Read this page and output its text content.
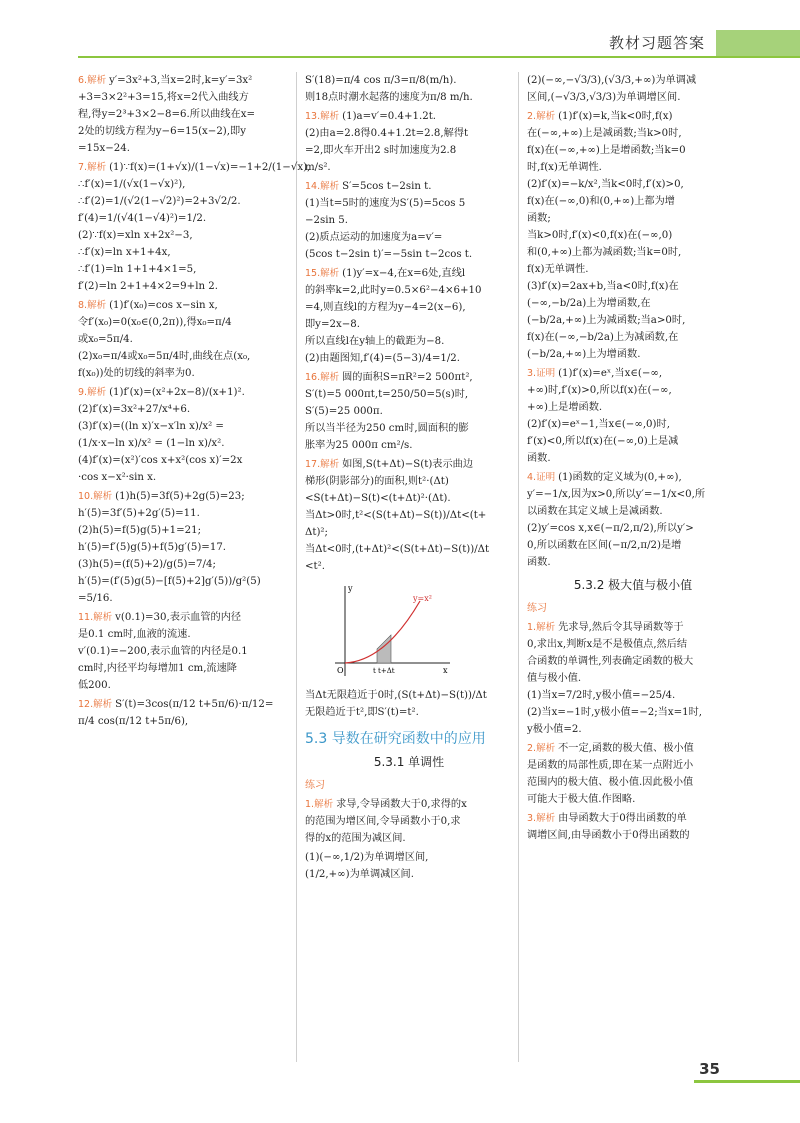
教材习题答案
6.解析 y′=3x²+3,当x=2时,k=y′=3x²
+3=3×2²+3=15,将x=2代入曲线方
程,得y=2³+3×2−8=6.所以曲线在x=
2处的切线方程为y−6=15(x−2),即y
=15x−24.
7.解析 (1)∵f(x)=(1+√x)/(1−√x)=−1+2/(1−√x),
∴f′(x)=1/(√x(1−√x)²),
∴f′(2)=1/(√2(1−√2)²)=2+3√2/2.
f′(4)=1/(√4(1−√4)²)=1/2.
(2)∵f(x)=xln x+2x²−3,
∴f′(x)=ln x+1+4x,
∴f′(1)=ln 1+1+4×1=5,
f′(2)=ln 2+1+4×2=9+ln 2.
8.解析 (1)f′(x₀)=cos x−sin x,
令f′(x₀)=0(x₀∈(0,2π)),得x₀=π/4
或x₀=5π/4.
(2)x₀=π/4或x₀=5π/4时,曲线在点(x₀,
f(x₀))处的切线的斜率为0.
9.解析 (1)f′(x)=(x²+2x−8)/(x+1)².
(2)f′(x)=3x²+27/x⁴+6.
(3)f′(x)=((ln x)′x−x′ln x)/x² =
(1/x·x−ln x)/x² = (1−ln x)/x².
(4)f′(x)=(x²)′cos x+x²(cos x)′=2x
·cos x−x²·sin x.
10.解析 (1)h(5)=3f(5)+2g(5)=23;
h′(5)=3f′(5)+2g′(5)=11.
(2)h(5)=f(5)g(5)+1=21;
h′(5)=f′(5)g(5)+f(5)g′(5)=17.
(3)h(5)=(f(5)+2)/g(5)=7/4;
h′(5)=(f′(5)g(5)−[f(5)+2]g′(5))/g²(5)
=5/16.
11.解析 v(0.1)=30,表示血管的内径
是0.1 cm时,血液的流速.
v′(0.1)=−200,表示血管的内径是0.1
cm时,内径平均每增加1 cm,流速降
低200.
12.解析 S′(t)=3cos(π/12 t+5π/6)·π/12=
π/4 cos(π/12 t+5π/6),
S′(18)=π/4 cos π/3=π/8(m/h).
则18点时潮水起落的速度为π/8 m/h.
13.解析 (1)a=v′=0.4+1.2t.
(2)由a=2.8得0.4+1.2t=2.8,解得t
=2,即火车开出2 s时加速度为2.8
m/s².
14.解析 S′=5cos t−2sin t.
(1)当t=5时的速度为S′(5)=5cos 5
−2sin 5.
(2)质点运动的加速度为a=v′=
(5cos t−2sin t)′=−5sin t−2cos t.
15.解析 (1)y′=x−4,在x=6处,直线l
的斜率k=2,此时y=0.5×6²−4×6+10
=4,则直线l的方程为y−4=2(x−6),
即y=2x−8.
所以直线l在y轴上的截距为−8.
(2)由题图知,f′(4)=(5−3)/4=1/2.
16.解析 圆的面积S=πR²=2 500πt²,
S′(t)=5 000πt,t=250/50=5(s)时,
S′(5)=25 000π.
所以当半径为250 cm时,圆面积的膨
胀率为25 000π cm²/s.
17.解析 如图,S(t+Δt)−S(t)表示曲边
梯形(阴影部分)的面积,则t²·(Δt)
<S(t+Δt)−S(t)<(t+Δt)²·(Δt).
当Δt>0时,t²<(S(t+Δt)−S(t))/Δt<(t+
Δt)²;
当Δt<0时,(t+Δt)²<(S(t+Δt)−S(t))/Δt
<t².
y=x²
O	x
y
t t+Δt
当Δt无限趋近于0时,(S(t+Δt)−S(t))/Δt
无限趋近于t²,即S′(t)=t².
5.3 导数在研究函数中的应用
5.3.1 单调性
练习
1.解析 求导,令导函数大于0,求得的x
的范围为增区间,令导函数小于0,求
得的x的范围为减区间.
(1)(−∞,1/2)为单调增区间,
(1/2,+∞)为单调减区间.
(2)(−∞,−√3/3),(√3/3,+∞)为单调减
区间,(−√3/3,√3/3)为单调增区间.
2.解析 (1)f′(x)=k,当k<0时,f(x)
在(−∞,+∞)上是减函数;当k>0时,
f(x)在(−∞,+∞)上是增函数;当k=0
时,f(x)无单调性.
(2)f′(x)=−k/x²,当k<0时,f′(x)>0,
f(x)在(−∞,0)和(0,+∞)上都为增
函数;
当k>0时,f′(x)<0,f(x)在(−∞,0)
和(0,+∞)上都为减函数;当k=0时,
f(x)无单调性.
(3)f′(x)=2ax+b,当a<0时,f(x)在
(−∞,−b/2a)上为增函数,在
(−b/2a,+∞)上为减函数;当a>0时,
f(x)在(−∞,−b/2a)上为减函数,在
(−b/2a,+∞)上为增函数.
3.证明 (1)f′(x)=eˣ,当x∈(−∞,
+∞)时,f′(x)>0,所以f(x)在(−∞,
+∞)上是增函数.
(2)f′(x)=eˣ−1,当x∈(−∞,0)时,
f′(x)<0,所以f(x)在(−∞,0)上是减
函数.
4.证明 (1)函数的定义域为(0,+∞),
y′=−1/x,因为x>0,所以y′=−1/x<0,所
以函数在其定义域上是减函数.
(2)y′=cos x,x∈(−π/2,π/2),所以y′>
0,所以函数在区间(−π/2,π/2)是增
函数.
5.3.2 极大值与极小值
练习
1.解析 先求导,然后令其导函数等于
0,求出x,判断x是不是极值点,然后结
合函数的单调性,列表确定函数的极大
值与极小值.
(1)当x=7/2时,y极小值=−25/4.
(2)当x=−1时,y极小值=−2;当x=1时,
y极小值=2.
2.解析 不一定,函数的极大值、极小值
是函数的局部性质,即在某一点附近小
范围内的极大值、极小值.因此极小值
可能大于极大值.作图略.
3.解析 由导函数大于0得出函数的单
调增区间,由导函数小于0得出函数的
35
